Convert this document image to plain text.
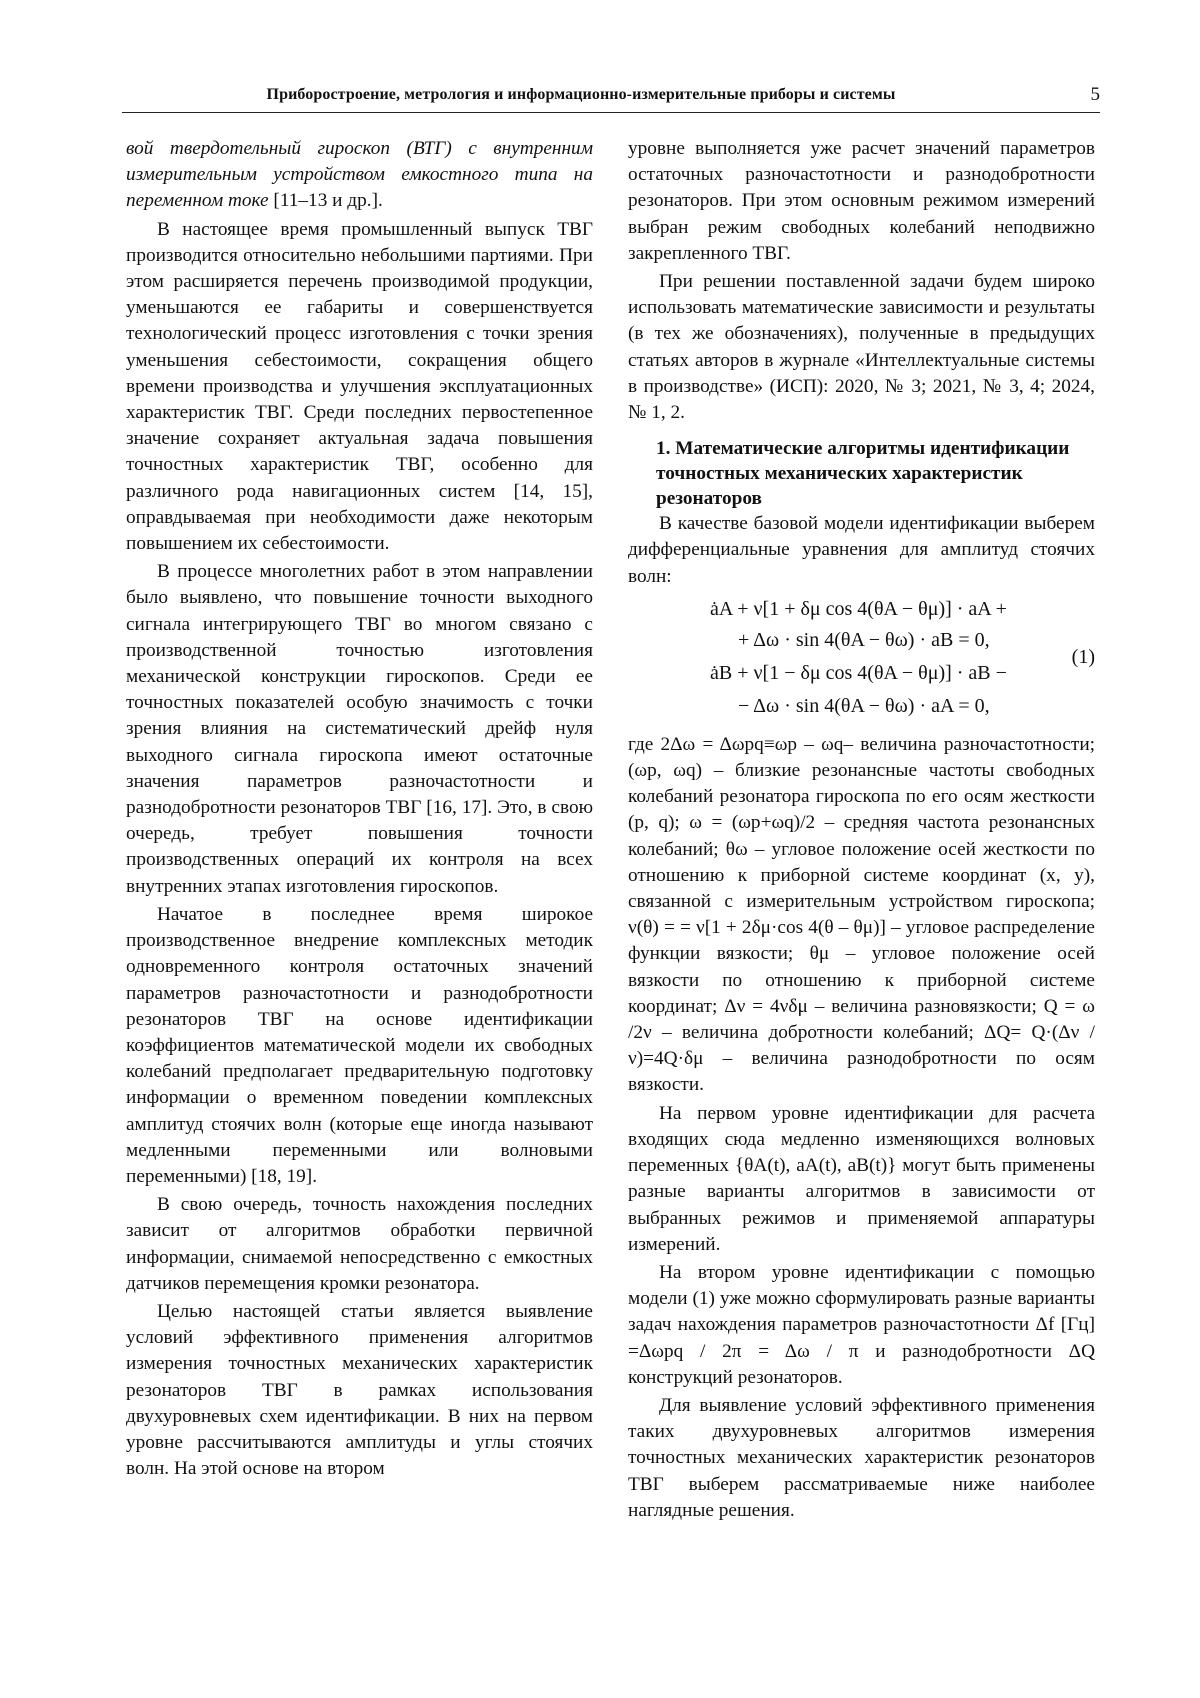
Приборостроение, метрология и информационно-измерительные приборы и системы	5

вой твердотельный гироскоп (ВТГ) с внутренним измерительным устройством емкостного типа на переменном токе [11–13 и др.].

В настоящее время промышленный выпуск ТВГ производится относительно небольшими партиями. При этом расширяется перечень производимой продукции, уменьшаются ее габариты и совершенствуется технологический процесс изготовления с точки зрения уменьшения себестоимости, сокращения общего времени производства и улучшения эксплуатационных характеристик ТВГ. Среди последних первостепенное значение сохраняет актуальная задача повышения точностных характеристик ТВГ, особенно для различного рода навигационных систем [14, 15], оправдываемая при необходимости даже некоторым повышением их себестоимости.

В процессе многолетних работ в этом направлении было выявлено, что повышение точности выходного сигнала интегрирующего ТВГ во многом связано с производственной точностью изготовления механической конструкции гироскопов. Среди ее точностных показателей особую значимость с точки зрения влияния на систематический дрейф нуля выходного сигнала гироскопа имеют остаточные значения параметров разночастотности и разнодобротности резонаторов ТВГ [16, 17]. Это, в свою очередь, требует повышения точности производственных операций их контроля на всех внутренних этапах изготовления гироскопов.

Начатое в последнее время широкое производственное внедрение комплексных методик одновременного контроля остаточных значений параметров разночастотности и разнодобротности резонаторов ТВГ на основе идентификации коэффициентов математической модели их свободных колебаний предполагает предварительную подготовку информации о временном поведении комплексных амплитуд стоячих волн (которые еще иногда называют медленными переменными или волновыми переменными) [18, 19].

В свою очередь, точность нахождения последних зависит от алгоритмов обработки первичной информации, снимаемой непосредственно с емкостных датчиков перемещения кромки резонатора.

Целью настоящей статьи является выявление условий эффективного применения алгоритмов измерения точностных механических характеристик резонаторов ТВГ в рамках использования двухуровневых схем идентификации. В них на первом уровне рассчитываются амплитуды и углы стоячих волн. На этой основе на втором

уровне выполняется уже расчет значений параметров остаточных разночастотности и разнодобротности резонаторов. При этом основным режимом измерений выбран режим свободных колебаний неподвижно закрепленного ТВГ.

При решении поставленной задачи будем широко использовать математические зависимости и результаты (в тех же обозначениях), полученные в предыдущих статьях авторов в журнале «Интеллектуальные системы в производстве» (ИСП): 2020, № 3; 2021, № 3, 4; 2024, № 1, 2.

1. Математические алгоритмы идентификации точностных механических характеристик резонаторов

В качестве базовой модели идентификации выберем дифференциальные уравнения для амплитуд стоячих волн:

ȧA + ν[1 + δμ cos 4(θA − θμ)] · aA +
+ Δω · sin 4(θA − θω) · aB = 0,
ȧB + ν[1 − δμ cos 4(θA − θμ)] · aB −
− Δω · sin 4(θA − θω) · aA = 0,
(1)

где 2Δω = Δωpq≡ωp – ωq– величина разночастотности; (ωp, ωq) – близкие резонансные частоты свободных колебаний резонатора гироскопа по его осям жесткости (p, q); ω = (ωp+ωq)/2 – средняя частота резонансных колебаний; θω – угловое положение осей жесткости по отношению к приборной системе координат (x, y), связанной с измерительным устройством гироскопа; ν(θ) = = ν[1 + 2δμ·cos 4(θ – θμ)] – угловое распределение функции вязкости; θμ – угловое положение осей вязкости по отношению к приборной системе координат; Δν = 4νδμ – величина разновязкости; Q = ω /2ν – величина добротности колебаний; ΔQ= Q·(Δν / ν)=4Q·δμ – величина разнодобротности по осям вязкости.

На первом уровне идентификации для расчета входящих сюда медленно изменяющихся волновых переменных {θA(t), aA(t), aB(t)} могут быть применены разные варианты алгоритмов в зависимости от выбранных режимов и применяемой аппаратуры измерений.

На втором уровне идентификации с помощью модели (1) уже можно сформулировать разные варианты задач нахождения параметров разночастотности Δf [Гц] =Δωpq / 2π = Δω / π и разнодобротности ΔQ конструкций резонаторов.

Для выявление условий эффективного применения таких двухуровневых алгоритмов измерения точностных механических характеристик резонаторов ТВГ выберем рассматриваемые ниже наиболее наглядные решения.
